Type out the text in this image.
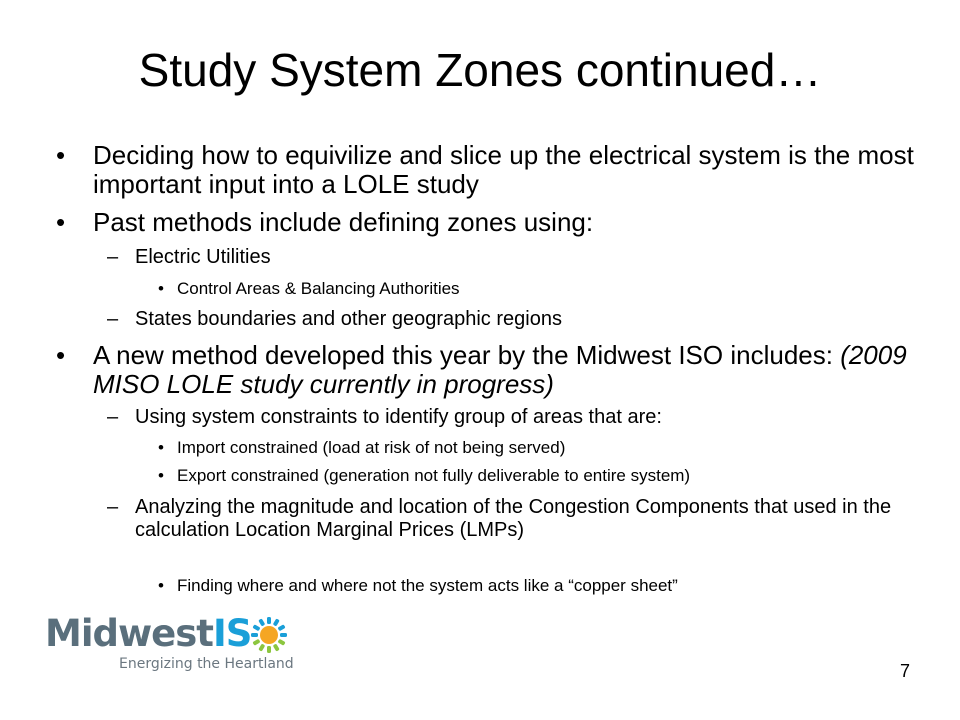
Study System Zones continued…
• Deciding how to equivilize and slice up the electrical system is the most important input into a LOLE study
• Past methods include defining zones using:
– Electric Utilities
• Control Areas & Balancing Authorities
– States boundaries and other geographic regions
• A new method developed this year by the Midwest ISO includes: (2009 MISO LOLE study currently in progress)
– Using system constraints to identify group of areas that are:
• Import constrained (load at risk of not being served)
• Export constrained (generation not fully deliverable to entire system)
– Analyzing the magnitude and location of the Congestion Components that used in the calculation Location Marginal Prices (LMPs)
• Finding where and where not the system acts like a “copper sheet”
MidwestIS
Energizing the Heartland	7
